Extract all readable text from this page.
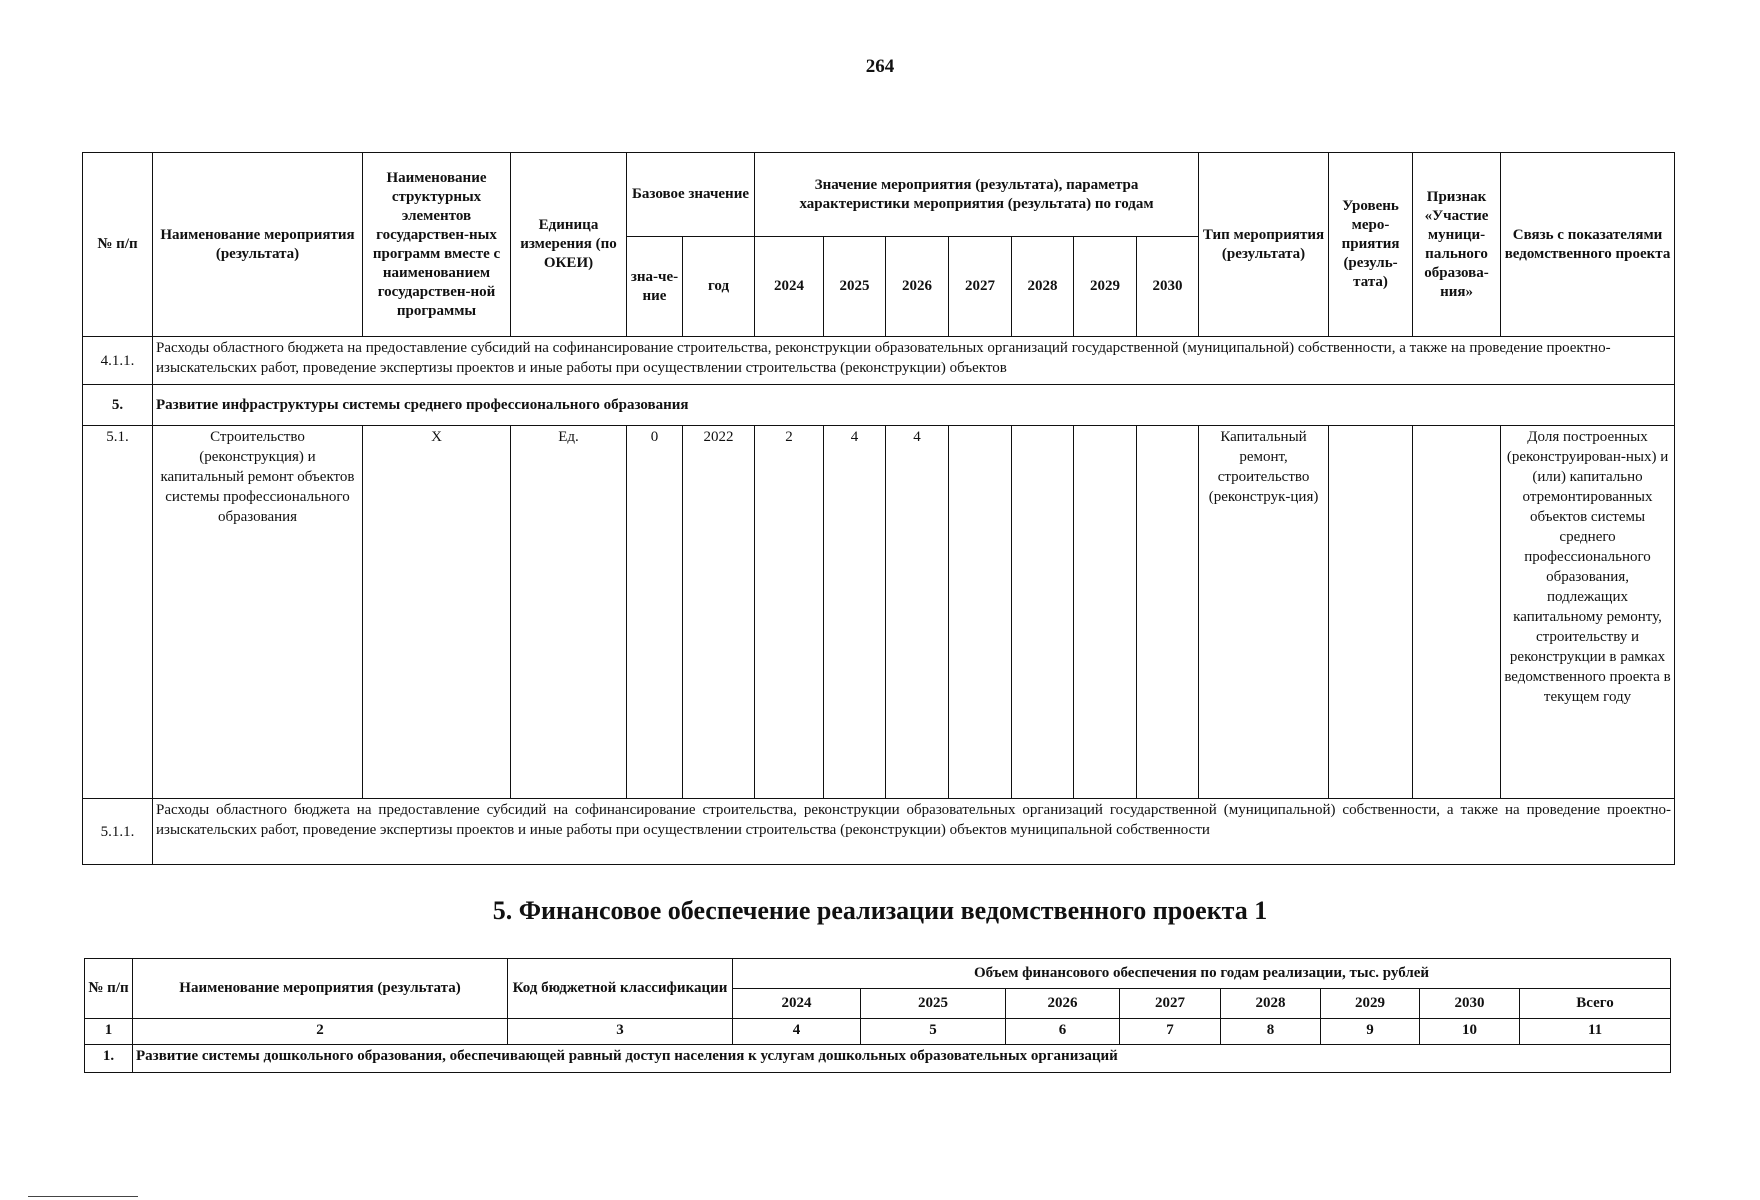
264
№ п/п	Наименование мероприятия (результата)	Наименование структурных элементов государствен-ных программ вместе с наименованием государствен-ной программы	Единица измерения (по ОКЕИ)	Базовое значение		Значение мероприятия (результата), параметра характеристики мероприятия (результата) по годам							Тип мероприятия (результата)	Уровень меро-приятия (резуль-тата)	Признак «Участие муници-пального образова-ния»	Связь с показателями ведомственного проекта
				зна-че-ние	год	2024	2025	2026	2027	2028	2029	2030				
4.1.1.	Расходы областного бюджета на предоставление субсидий на софинансирование строительства, реконструкции образовательных организаций государственной (муниципальной) собственности, а также на проведение проектно-изыскательских работ, проведение экспертизы проектов и иные работы при осуществлении строительства (реконструкции) объектов															
5.	Развитие инфраструктуры системы среднего профессионального образования															
5.1.	Строительство (реконструкция) и капитальный ремонт объектов системы профессионального образования	Х	Ед.	0	2022	2	4	4					Капитальный ремонт, строительство (реконструк-ция)			Доля построенных (реконструирован-ных) и (или) капитально отремонтированных объектов системы среднего профессионального образования, подлежащих капитальному ремонту, строительству и реконструкции в рамках ведомственного проекта в текущем году
5.1.1.	Расходы областного бюджета на предоставление субсидий на софинансирование строительства, реконструкции образовательных организаций государственной (муниципальной) собственности, а также на проведение проектно-изыскательских работ, проведение экспертизы проектов и иные работы при осуществлении строительства (реконструкции) объектов муниципальной собственности															
5. Финансовое обеспечение реализации ведомственного проекта 1
№ п/п	Наименование мероприятия (результата)	Код бюджетной классификации	Объем финансового обеспечения по годам реализации, тыс. рублей							
			2024	2025	2026	2027	2028	2029	2030	Всего
1	2	3	4	5	6	7	8	9	10	11
1.	Развитие системы дошкольного образования, обеспечивающей равный доступ населения к услугам дошкольных образовательных организаций									
